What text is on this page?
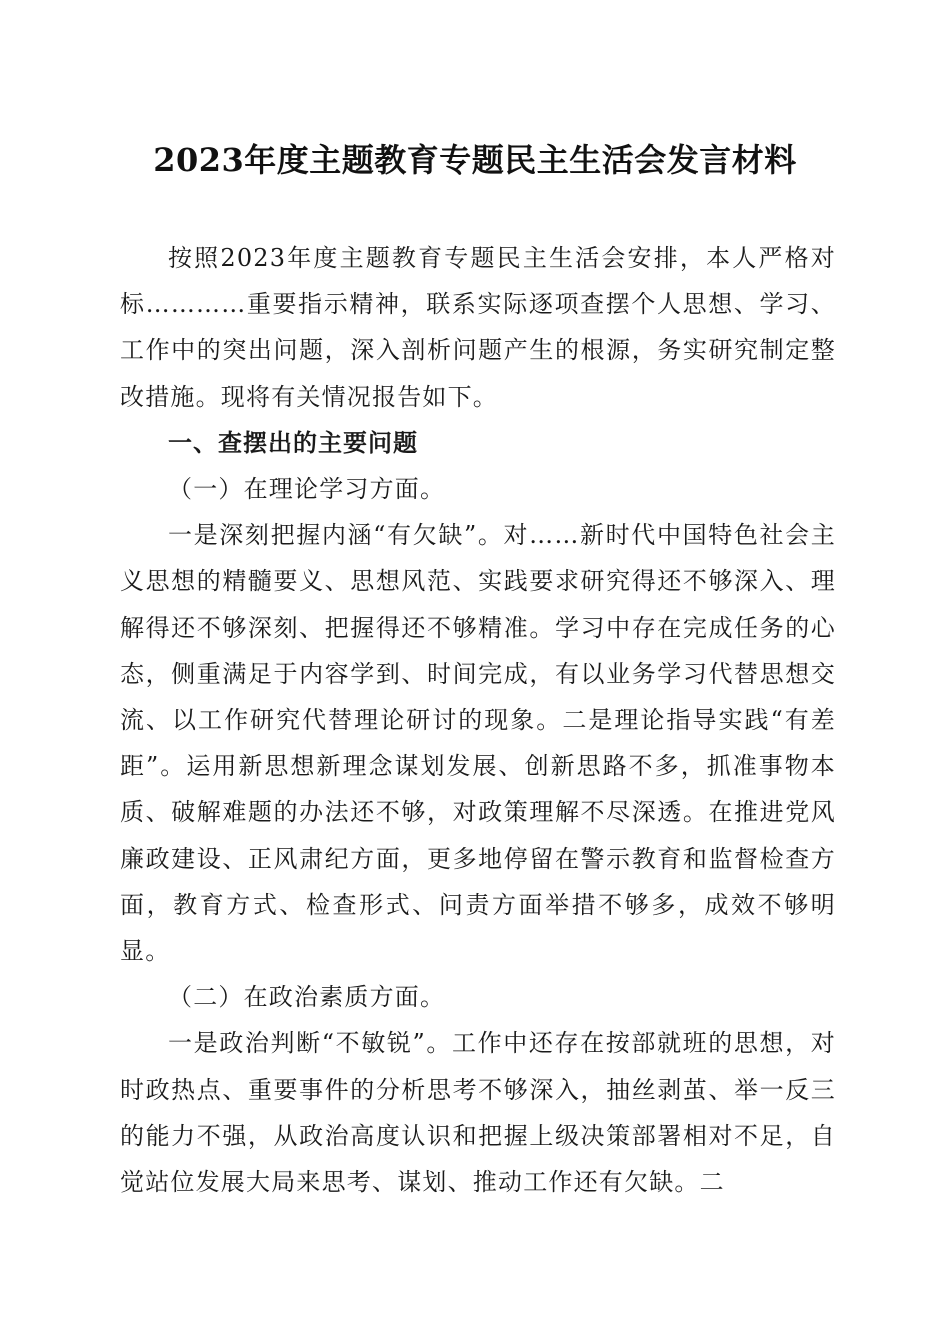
2023年度主题教育专题民主生活会发言材料

按照2023年度主题教育专题民主生活会安排，本人严格对标…………重要指示精神，联系实际逐项查摆个人思想、学习、工作中的突出问题，深入剖析问题产生的根源，务实研究制定整改措施。现将有关情况报告如下。

一、查摆出的主要问题

（一）在理论学习方面。

一是深刻把握内涵“有欠缺”。对……新时代中国特色社会主义思想的精髓要义、思想风范、实践要求研究得还不够深入、理解得还不够深刻、把握得还不够精准。学习中存在完成任务的心态，侧重满足于内容学到、时间完成，有以业务学习代替思想交流、以工作研究代替理论研讨的现象。二是理论指导实践“有差距”。运用新思想新理念谋划发展、创新思路不多，抓准事物本质、破解难题的办法还不够，对政策理解不尽深透。在推进党风廉政建设、正风肃纪方面，更多地停留在警示教育和监督检查方面，教育方式、检查形式、问责方面举措不够多，成效不够明显。

（二）在政治素质方面。

一是政治判断“不敏锐”。工作中还存在按部就班的思想，对时政热点、重要事件的分析思考不够深入，抽丝剥茧、举一反三的能力不强，从政治高度认识和把握上级决策部署相对不足，自觉站位发展大局来思考、谋划、推动工作还有欠缺。二
